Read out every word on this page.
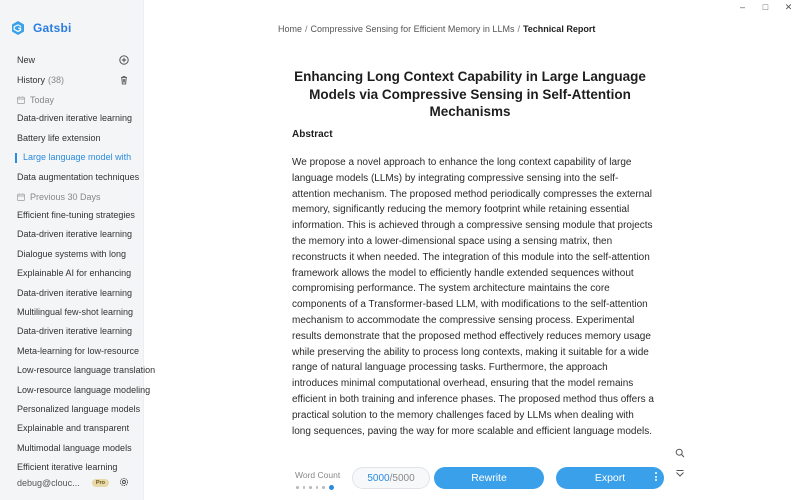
–	□	✕
Gatsbi
New
History (38)
Today
Data-driven iterative learning
Battery life extension
Large language model with
Data augmentation techniques
Previous 30 Days
Efficient fine-tuning strategies
Data-driven iterative learning
Dialogue systems with long
Explainable AI for enhancing
Data-driven iterative learning
Multilingual few-shot learning
Data-driven iterative learning
Meta-learning for low-resource
Low-resource language translation
Low-resource language modeling
Personalized language models
Explainable and transparent
Multimodal language models
Efficient iterative learning
debug@clouc...	Pro
Home / Compressive Sensing for Efficient Memory in LLMs / Technical Report
Enhancing Long Context Capability in Large Language Models via Compressive Sensing in Self-Attention Mechanisms
Abstract

We propose a novel approach to enhance the long context capability of large language models (LLMs) by integrating compressive sensing into the self-attention mechanism. The proposed method periodically compresses the external memory, significantly reducing the memory footprint while retaining essential information. This is achieved through a compressive sensing module that projects the memory into a lower-dimensional space using a sensing matrix, then reconstructs it when needed. The integration of this module into the self-attention framework allows the model to efficiently handle extended sequences without compromising performance. The system architecture maintains the core components of a Transformer-based LLM, with modifications to the self-attention mechanism to accommodate the compressive sensing process. Experimental results demonstrate that the proposed method effectively reduces memory usage while preserving the ability to process long contexts, making it suitable for a wide range of natural language processing tasks. Furthermore, the approach introduces minimal computational overhead, ensuring that the model remains efficient in both training and inference phases. The proposed method thus offers a practical solution to the memory challenges faced by LLMs when dealing with long sequences, paving the way for more scalable and efficient language models.

Word Count	5000 / 5000	Rewrite	Export
